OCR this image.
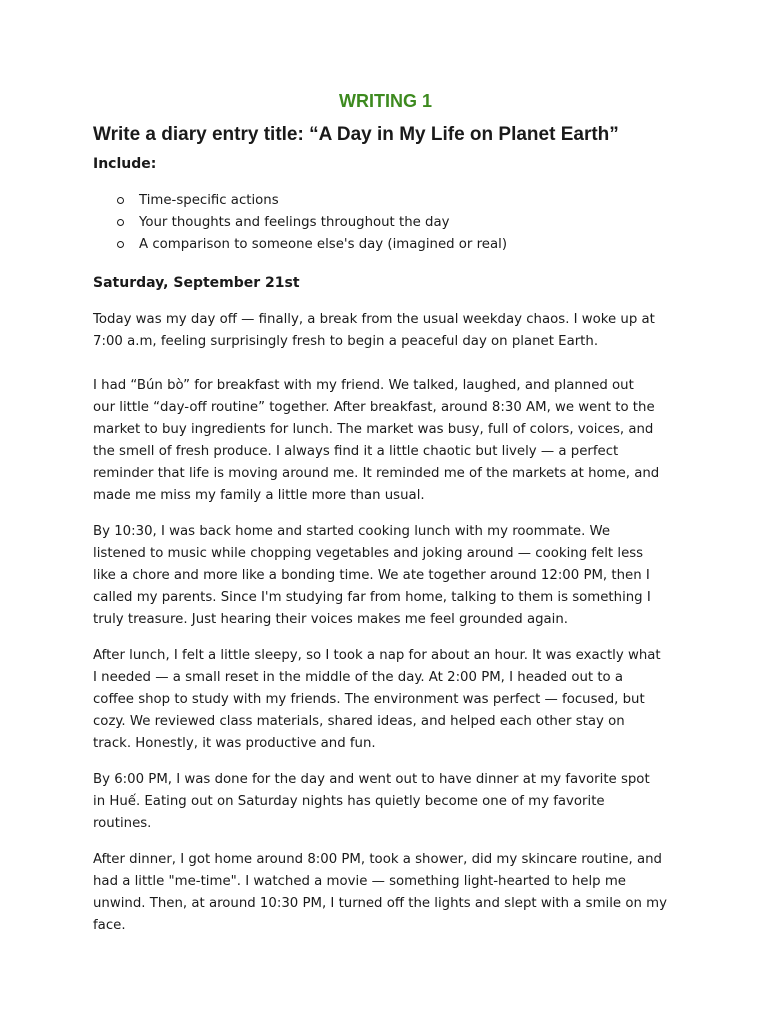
WRITING 1
Write a diary entry title: “A Day in My Life on Planet Earth”
Include:
Time-specific actions
Your thoughts and feelings throughout the day
A comparison to someone else's day (imagined or real)
Saturday, September 21st

Today was my day off — finally, a break from the usual weekday chaos. I woke up at
7:00 a.m, feeling surprisingly fresh to begin a peaceful day on planet Earth.

I had “Bún bò” for breakfast with my friend. We talked, laughed, and planned out
our little “day-off routine” together. After breakfast, around 8:30 AM, we went to the
market to buy ingredients for lunch. The market was busy, full of colors, voices, and
the smell of fresh produce. I always find it a little chaotic but lively — a perfect
reminder that life is moving around me. It reminded me of the markets at home, and
made me miss my family a little more than usual.

By 10:30, I was back home and started cooking lunch with my roommate. We
listened to music while chopping vegetables and joking around — cooking felt less
like a chore and more like a bonding time. We ate together around 12:00 PM, then I
called my parents. Since I'm studying far from home, talking to them is something I
truly treasure. Just hearing their voices makes me feel grounded again.

After lunch, I felt a little sleepy, so I took a nap for about an hour. It was exactly what
I needed — a small reset in the middle of the day. At 2:00 PM, I headed out to a
coffee shop to study with my friends. The environment was perfect — focused, but
cozy. We reviewed class materials, shared ideas, and helped each other stay on
track. Honestly, it was productive and fun.

By 6:00 PM, I was done for the day and went out to have dinner at my favorite spot
in Huế. Eating out on Saturday nights has quietly become one of my favorite
routines.

After dinner, I got home around 8:00 PM, took a shower, did my skincare routine, and
had a little "me-time". I watched a movie — something light-hearted to help me
unwind. Then, at around 10:30 PM, I turned off the lights and slept with a smile on my
face.
